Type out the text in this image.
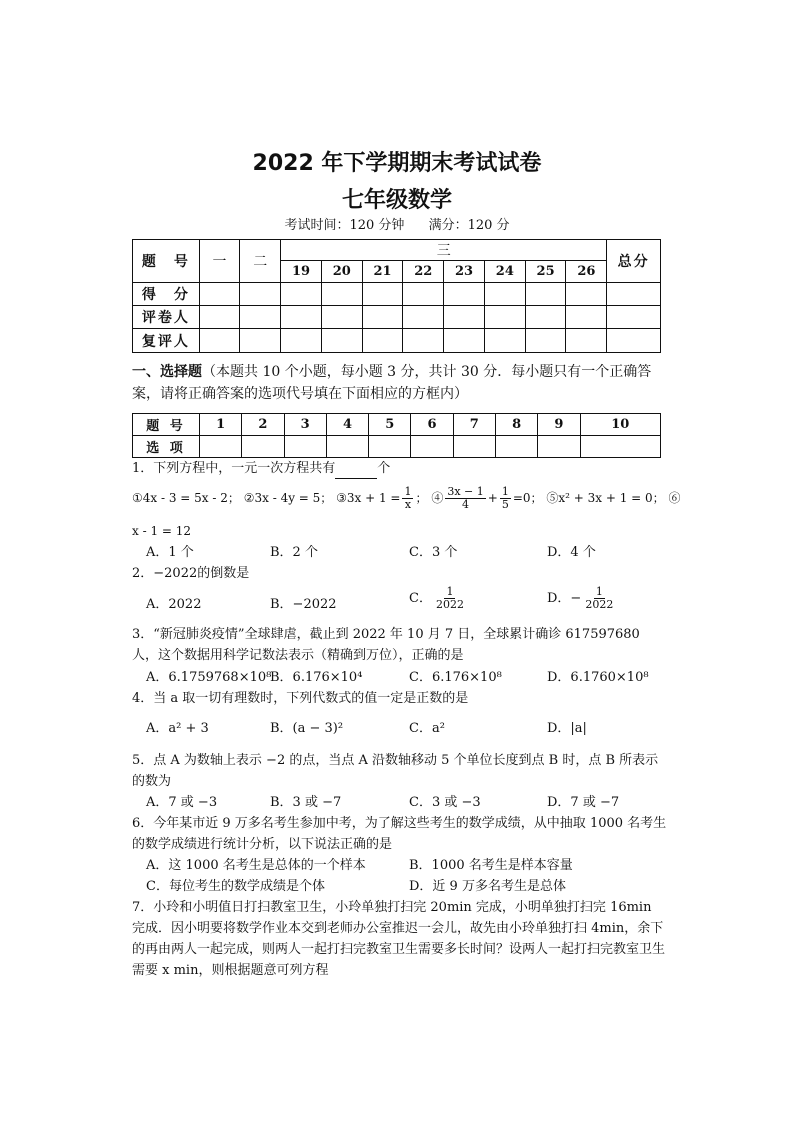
2022 年下学期期末考试试卷
七年级数学
考试时间：120 分钟 满分：120 分
题　号	一	二	三								总分
			19	20	21	22	23	24	25	26	
得　分											
评卷人											
复评人											
一、选择题（本题共 10 个小题，每小题 3 分，共计 30 分．每小题只有一个正确答案，请将正确答案的选项代号填在下面相应的方框内）
题 号	1	2	3	4	5	6	7	8	9	10
选 项										
1．下列方程中，一元一次方程共有	个
①4x - 3 = 5x - 2； ②3x - 4y = 5； ③3x + $1 = \frac{1}{x}$ ； ④ $\frac{3x - 1}{4} + \frac{1}{5} =0$； ⑤x² + 3x + 1 = 0； ⑥
x - 1 = 12
A．1 个	B．2 个	C．3 个	D．4 个
2．−2022的倒数是
A．2022	B．−2022	C． $\frac{1}{2022}$	D．− $\frac{1}{2022}$
3．“新冠肺炎疫情”全球肆虐，截止到 2022 年 10 月 7 日，全球累计确诊 617597680 人，这个数据用科学记数法表示（精确到万位），正确的是
A．6.1759768×10⁸
B．6.176×10⁴	C．6.176×10⁸	D．6.1760×10⁸
4．当 a 取一切有理数时，下列代数式的值一定是正数的是
A．a² + 3	B．(a − 3)²	C．a²	D．|a|
5．点 A 为数轴上表示 −2 的点，当点 A 沿数轴移动 5 个单位长度到点 B 时，点 B 所表示的数为
A．7 或 −3	B．3 或 −7	C．3 或 −3	D．7 或 −7
6．今年某市近 9 万多名考生参加中考，为了解这些考生的数学成绩，从中抽取 1000 名考生的数学成绩进行统计分析，以下说法正确的是
A．这 1000 名考生是总体的一个样本	B．1000 名考生是样本容量
C．每位考生的数学成绩是个体	D．近 9 万多名考生是总体
7．小玲和小明值日打扫教室卫生，小玲单独打扫完 20min 完成，小明单独打扫完 16min 完成．因小明要将数学作业本交到老师办公室推迟一会儿，故先由小玲单独打扫 4min，余下的再由两人一起完成，则两人一起打扫完教室卫生需要多长时间？设两人一起打扫完教室卫生需要 x min，则根据题意可列方程
